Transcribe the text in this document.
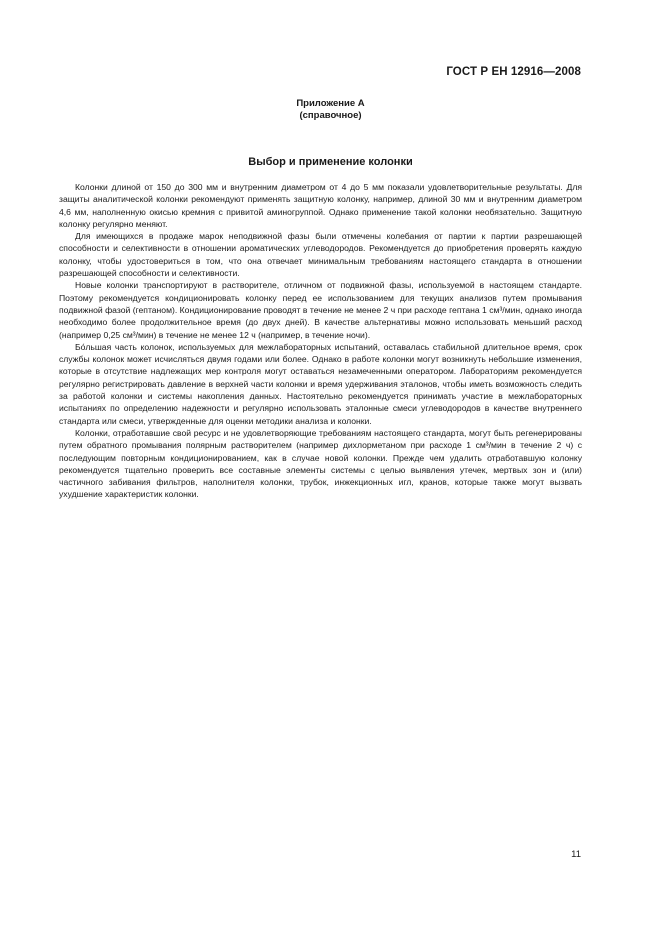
ГОСТ Р ЕН 12916—2008
Приложение А
(справочное)
Выбор и применение колонки

Колонки длиной от 150 до 300 мм и внутренним диаметром от 4 до 5 мм показали удовлетворительные результаты. Для защиты аналитической колонки рекомендуют применять защитную колонку, например, длиной 30 мм и внутренним диаметром 4,6 мм, наполненную окисью кремния с привитой аминогруппой. Однако применение такой колонки необязательно. Защитную колонку регулярно меняют.

Для имеющихся в продаже марок неподвижной фазы были отмечены колебания от партии к партии разрешающей способности и селективности в отношении ароматических углеводородов. Рекомендуется до приобретения проверять каждую колонку, чтобы удостовериться в том, что она отвечает минимальным требованиям настоящего стандарта в отношении разрешающей способности и селективности.

Новые колонки транспортируют в растворителе, отличном от подвижной фазы, используемой в настоящем стандарте. Поэтому рекомендуется кондиционировать колонку перед ее использованием для текущих анализов путем промывания подвижной фазой (гептаном). Кондиционирование проводят в течение не менее 2 ч при расходе гептана 1 см³/мин, однако иногда необходимо более продолжительное время (до двух дней). В качестве альтернативы можно использовать меньший расход (например 0,25 см³/мин) в течение не менее 12 ч (например, в течение ночи).

Бо́льшая часть колонок, используемых для межлабораторных испытаний, оставалась стабильной длительное время, срок службы колонок может исчисляться двумя годами или более. Однако в работе колонки могут возникнуть небольшие изменения, которые в отсутствие надлежащих мер контроля могут оставаться незамеченными оператором. Лабораториям рекомендуется регулярно регистрировать давление в верхней части колонки и время удерживания эталонов, чтобы иметь возможность следить за работой колонки и системы накопления данных. Настоятельно рекомендуется принимать участие в межлабораторных испытаниях по определению надежности и регулярно использовать эталонные смеси углеводородов в качестве внутреннего стандарта или смеси, утвержденные для оценки методики анализа и колонки.

Колонки, отработавшие свой ресурс и не удовлетворяющие требованиям настоящего стандарта, могут быть регенерированы путем обратного промывания полярным растворителем (например дихлорметаном при расходе 1 см³/мин в течение 2 ч) с последующим повторным кондиционированием, как в случае новой колонки. Прежде чем удалить отработавшую колонку рекомендуется тщательно проверить все составные элементы системы с целью выявления утечек, мертвых зон и (или) частичного забивания фильтров, наполнителя колонки, трубок, инжекционных игл, кранов, которые также могут вызвать ухудшение характеристик колонки.

11
